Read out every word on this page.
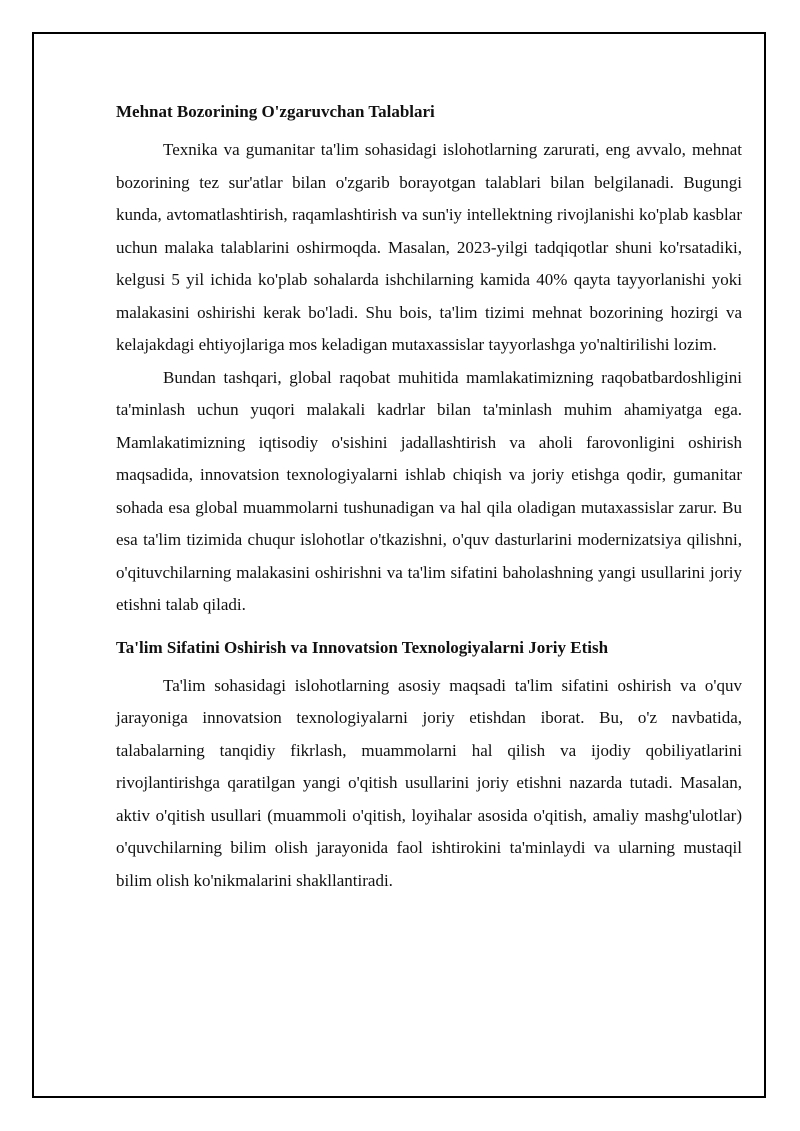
Mehnat Bozorining O'zgaruvchan Talablari

Texnika va gumanitar ta'lim sohasidagi islohotlarning zarurati, eng avvalo, mehnat bozorining tez sur'atlar bilan o'zgarib borayotgan talablari bilan belgilanadi. Bugungi kunda, avtomatlashtirish, raqamlashtirish va sun'iy intellektning rivojlanishi ko'plab kasblar uchun malaka talablarini oshirmoqda. Masalan, 2023-yilgi tadqiqotlar shuni ko'rsatadiki, kelgusi 5 yil ichida ko'plab sohalarda ishchilarning kamida 40% qayta tayyorlanishi yoki malakasini oshirishi kerak bo'ladi. Shu bois, ta'lim tizimi mehnat bozorining hozirgi va kelajakdagi ehtiyojlariga mos keladigan mutaxassislar tayyorlashga yo'naltirilishi lozim.

Bundan tashqari, global raqobat muhitida mamlakatimizning raqobatbardoshligini ta'minlash uchun yuqori malakali kadrlar bilan ta'minlash muhim ahamiyatga ega. Mamlakatimizning iqtisodiy o'sishini jadallashtirish va aholi farovonligini oshirish maqsadida, innovatsion texnologiyalarni ishlab chiqish va joriy etishga qodir, gumanitar sohada esa global muammolarni tushunadigan va hal qila oladigan mutaxassislar zarur. Bu esa ta'lim tizimida chuqur islohotlar o'tkazishni, o'quv dasturlarini modernizatsiya qilishni, o'qituvchilarning malakasini oshirishni va ta'lim sifatini baholashning yangi usullarini joriy etishni talab qiladi.

Ta'lim Sifatini Oshirish va Innovatsion Texnologiyalarni Joriy Etish

Ta'lim sohasidagi islohotlarning asosiy maqsadi ta'lim sifatini oshirish va o'quv jarayoniga innovatsion texnologiyalarni joriy etishdan iborat. Bu, o'z navbatida, talabalarning tanqidiy fikrlash, muammolarni hal qilish va ijodiy qobiliyatlarini rivojlantirishga qaratilgan yangi o'qitish usullarini joriy etishni nazarda tutadi. Masalan, aktiv o'qitish usullari (muammoli o'qitish, loyihalar asosida o'qitish, amaliy mashg'ulotlar) o'quvchilarning bilim olish jarayonida faol ishtirokini ta'minlaydi va ularning mustaqil bilim olish ko'nikmalarini shakllantiradi.
